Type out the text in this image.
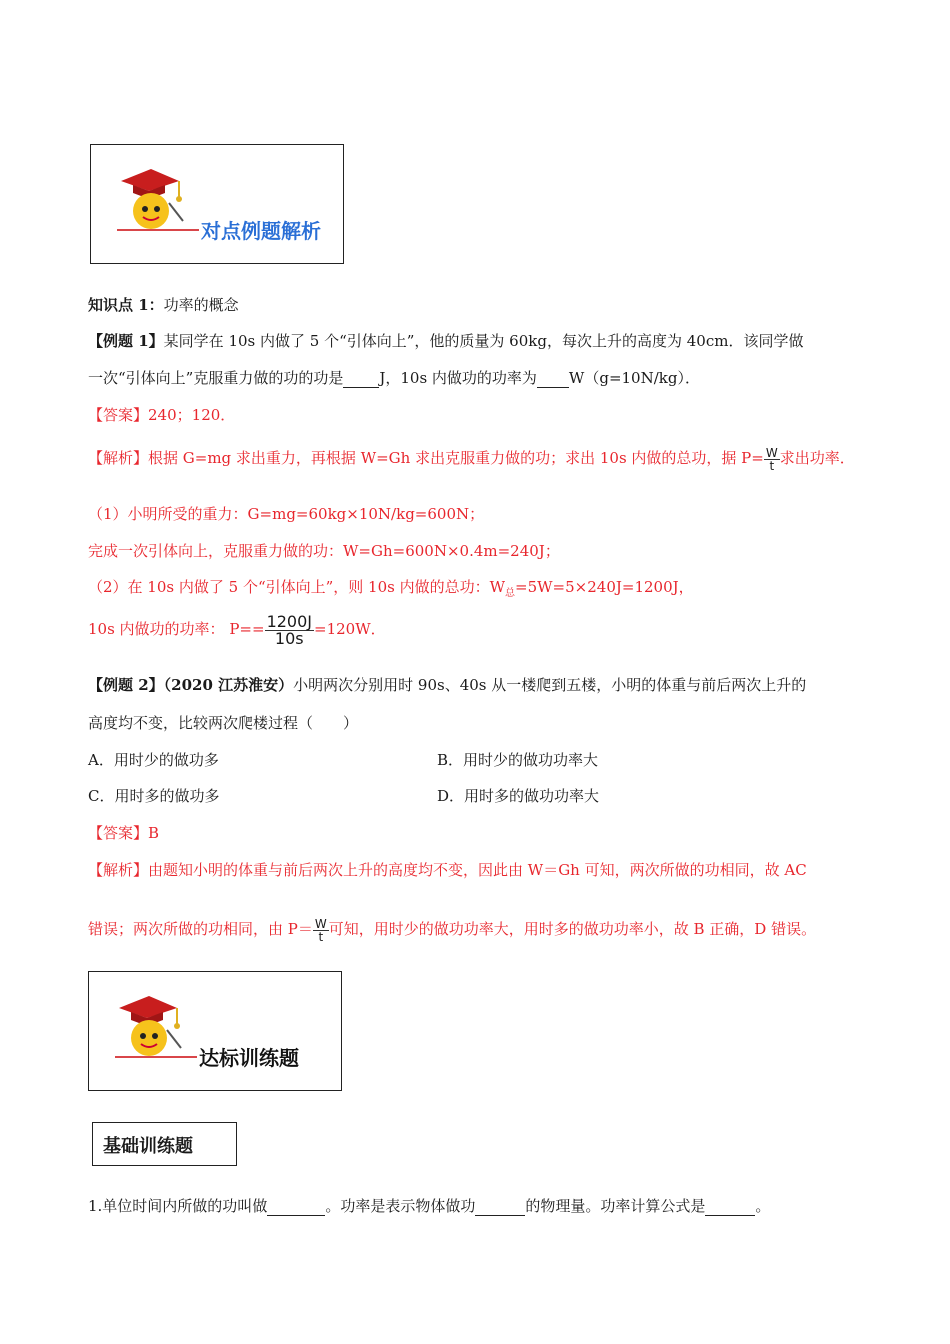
对点例题解析
知识点 1：功率的概念
【例题 1】某同学在 10s 内做了 5 个“引体向上”，他的质量为 60kg，每次上升的高度为 40cm．该同学做
一次“引体向上”克服重力做的功的功是 J，10s 内做功的功率为 W（g=10N/kg）．
【答案】240；120．
【解析】根据 G=mg 求出重力，再根据 W=Gh 求出克服重力做的功；求出 10s 内做的总功，据 $P= \frac{W}{t}$ 求出功率．
（1）小明所受的重力：G=mg=60kg×10N/kg=600N；
完成一次引体向上，克服重力做的功：W=Gh=600N×0.4m=240J；
（2）在 10s 内做了 5 个“引体向上”，则 10s 内做的总功：$W_总=5W=5\times 240J=1200J$，
10s 内做功的功率： $P== \frac{1200J}{10s} =120W$．
【例题 2】（2020 江苏淮安）小明两次分别用时 90s、40s 从一楼爬到五楼，小明的体重与前后两次上升的
高度均不变，比较两次爬楼过程（　　）
A．用时少的做功多	B．用时少的做功功率大
C．用时多的做功多	D．用时多的做功功率大
【答案】B
【解析】由题知小明的体重与前后两次上升的高度均不变，因此由 W＝Gh 可知，两次所做的功相同，故 AC
错误；两次所做的功相同，由 $P= \frac{W}{t}$ 可知，用时少的做功功率大，用时多的做功功率小，故 B 正确，D 错误。
达标训练题
基础训练题
1.单位时间内所做的功叫做	。功率是表示物体做功	的物理量。功率计算公式是	。
